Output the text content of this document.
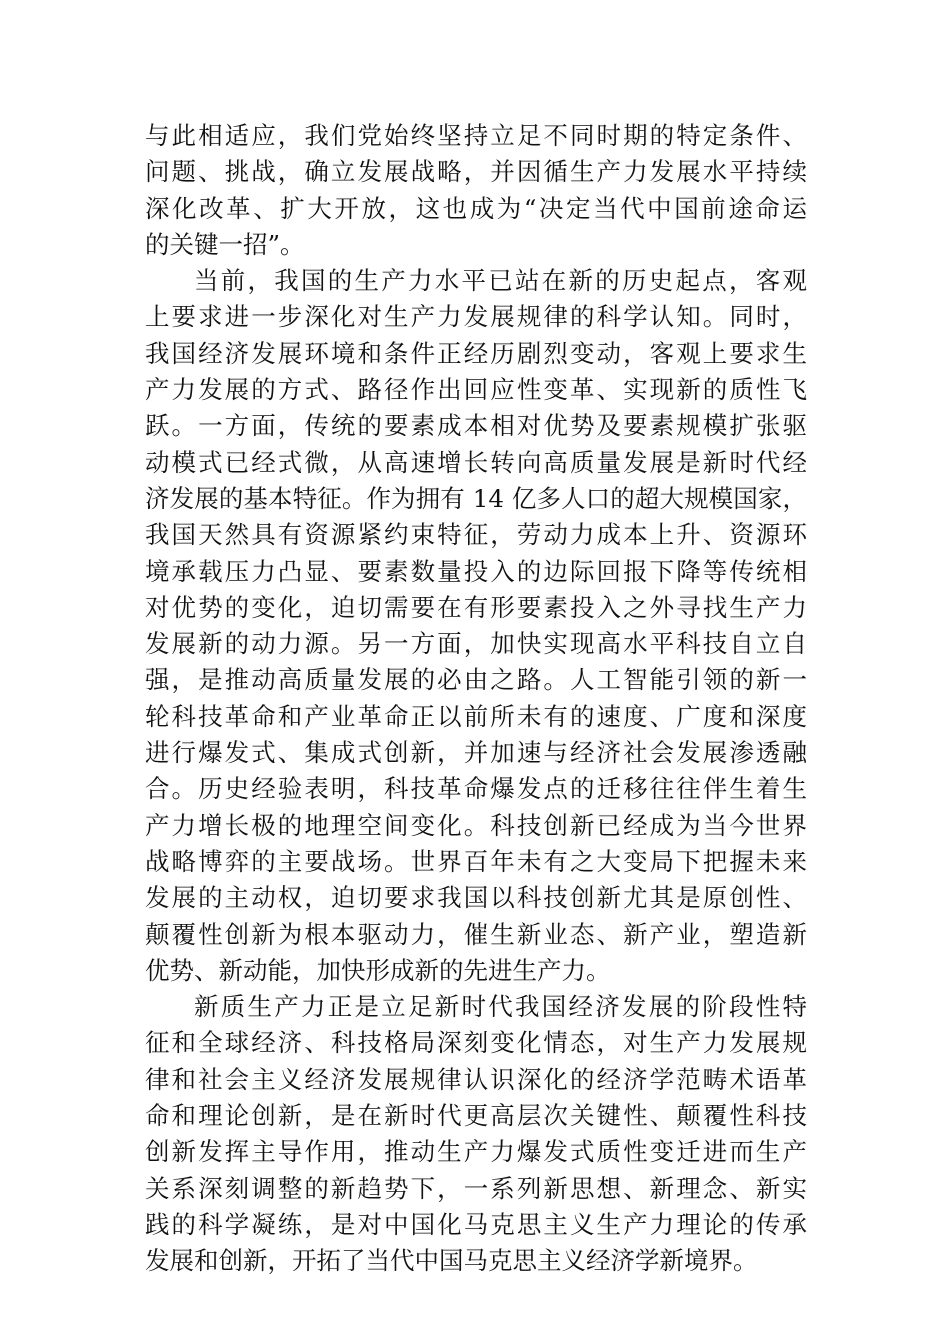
与此相适应，我们党始终坚持立足不同时期的特定条件、
问题、挑战，确立发展战略，并因循生产力发展水平持续
深化改革、扩大开放，这也成为“决定当代中国前途命运
的关键一招”。
当前，我国的生产力水平已站在新的历史起点，客观
上要求进一步深化对生产力发展规律的科学认知。同时，
我国经济发展环境和条件正经历剧烈变动，客观上要求生
产力发展的方式、路径作出回应性变革、实现新的质性飞
跃。一方面，传统的要素成本相对优势及要素规模扩张驱
动模式已经式微，从高速增长转向高质量发展是新时代经
济发展的基本特征。作为拥有 14 亿多人口的超大规模国家，
我国天然具有资源紧约束特征，劳动力成本上升、资源环
境承载压力凸显、要素数量投入的边际回报下降等传统相
对优势的变化，迫切需要在有形要素投入之外寻找生产力
发展新的动力源。另一方面，加快实现高水平科技自立自
强，是推动高质量发展的必由之路。人工智能引领的新一
轮科技革命和产业革命正以前所未有的速度、广度和深度
进行爆发式、集成式创新，并加速与经济社会发展渗透融
合。历史经验表明，科技革命爆发点的迁移往往伴生着生
产力增长极的地理空间变化。科技创新已经成为当今世界
战略博弈的主要战场。世界百年未有之大变局下把握未来
发展的主动权，迫切要求我国以科技创新尤其是原创性、
颠覆性创新为根本驱动力，催生新业态、新产业，塑造新
优势、新动能，加快形成新的先进生产力。
新质生产力正是立足新时代我国经济发展的阶段性特
征和全球经济、科技格局深刻变化情态，对生产力发展规
律和社会主义经济发展规律认识深化的经济学范畴术语革
命和理论创新，是在新时代更高层次关键性、颠覆性科技
创新发挥主导作用，推动生产力爆发式质性变迁进而生产
关系深刻调整的新趋势下，一系列新思想、新理念、新实
践的科学凝练，是对中国化马克思主义生产力理论的传承
发展和创新，开拓了当代中国马克思主义经济学新境界。
